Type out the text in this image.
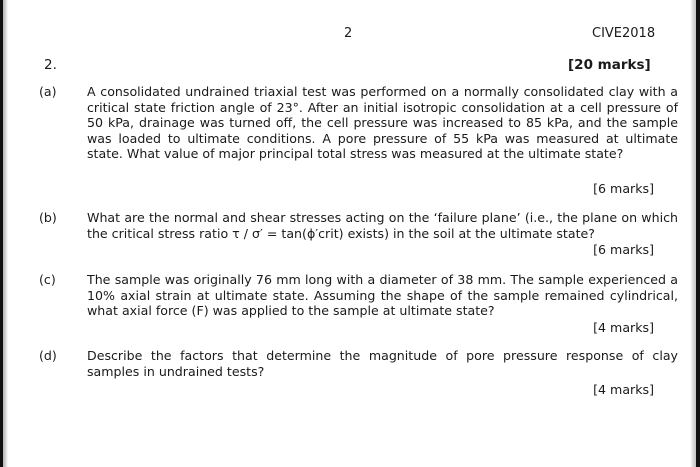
2	CIVE2018
2.	[20 marks]
(a) A consolidated undrained triaxial test was performed on a normally consolidated clay with a critical state friction angle of 23°. After an initial isotropic consolidation at a cell pressure of 50 kPa, drainage was turned off, the cell pressure was increased to 85 kPa, and the sample was loaded to ultimate conditions. A pore pressure of 55 kPa was measured at ultimate state. What value of major principal total stress was measured at the ultimate state?
[6 marks]
(b) What are the normal and shear stresses acting on the ‘failure plane’ (i.e., the plane on which the critical stress ratio τ / σ′ = tan(ϕ′crit) exists) in the soil at the ultimate state?
[6 marks]
(c) The sample was originally 76 mm long with a diameter of 38 mm. The sample experienced a 10% axial strain at ultimate state. Assuming the shape of the sample remained cylindrical, what axial force (F) was applied to the sample at ultimate state?
[4 marks]
(d) Describe the factors that determine the magnitude of pore pressure response of clay samples in undrained tests?
[4 marks]
